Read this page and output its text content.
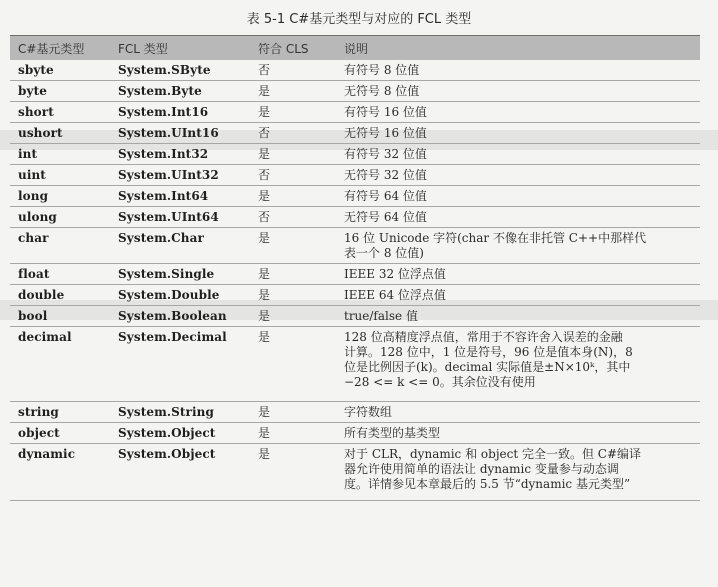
表 5-1 C#基元类型与对应的 FCL 类型
C#基元类型	FCL 类型	符合 CLS	说明
sbyte	System.SByte	否	有符号 8 位值
byte	System.Byte	是	无符号 8 位值
short	System.Int16	是	有符号 16 位值
ushort	System.UInt16	否	无符号 16 位值
int	System.Int32	是	有符号 32 位值
uint	System.UInt32	否	无符号 32 位值
long	System.Int64	是	有符号 64 位值
ulong	System.UInt64	否	无符号 64 位值
char	System.Char	是	16 位 Unicode 字符(char 不像在非托管 C++中那样代
表一个 8 位值)
float	System.Single	是	IEEE 32 位浮点值
double	System.Double	是	IEEE 64 位浮点值
bool	System.Boolean	是	true/false 值
decimal	System.Decimal	是	128 位高精度浮点值，常用于不容许舍入误差的金融
计算。128 位中，1 位是符号，96 位是值本身(N)，8
位是比例因子(k)。decimal 实际值是±N×10ᵏ，其中
−28 <= k <= 0。其余位没有使用
string	System.String	是	字符数组
object	System.Object	是	所有类型的基类型
dynamic	System.Object	是	对于 CLR，dynamic 和 object 完全一致。但 C#编译
器允许使用简单的语法让 dynamic 变量参与动态调
度。详情参见本章最后的 5.5 节“dynamic 基元类型”
